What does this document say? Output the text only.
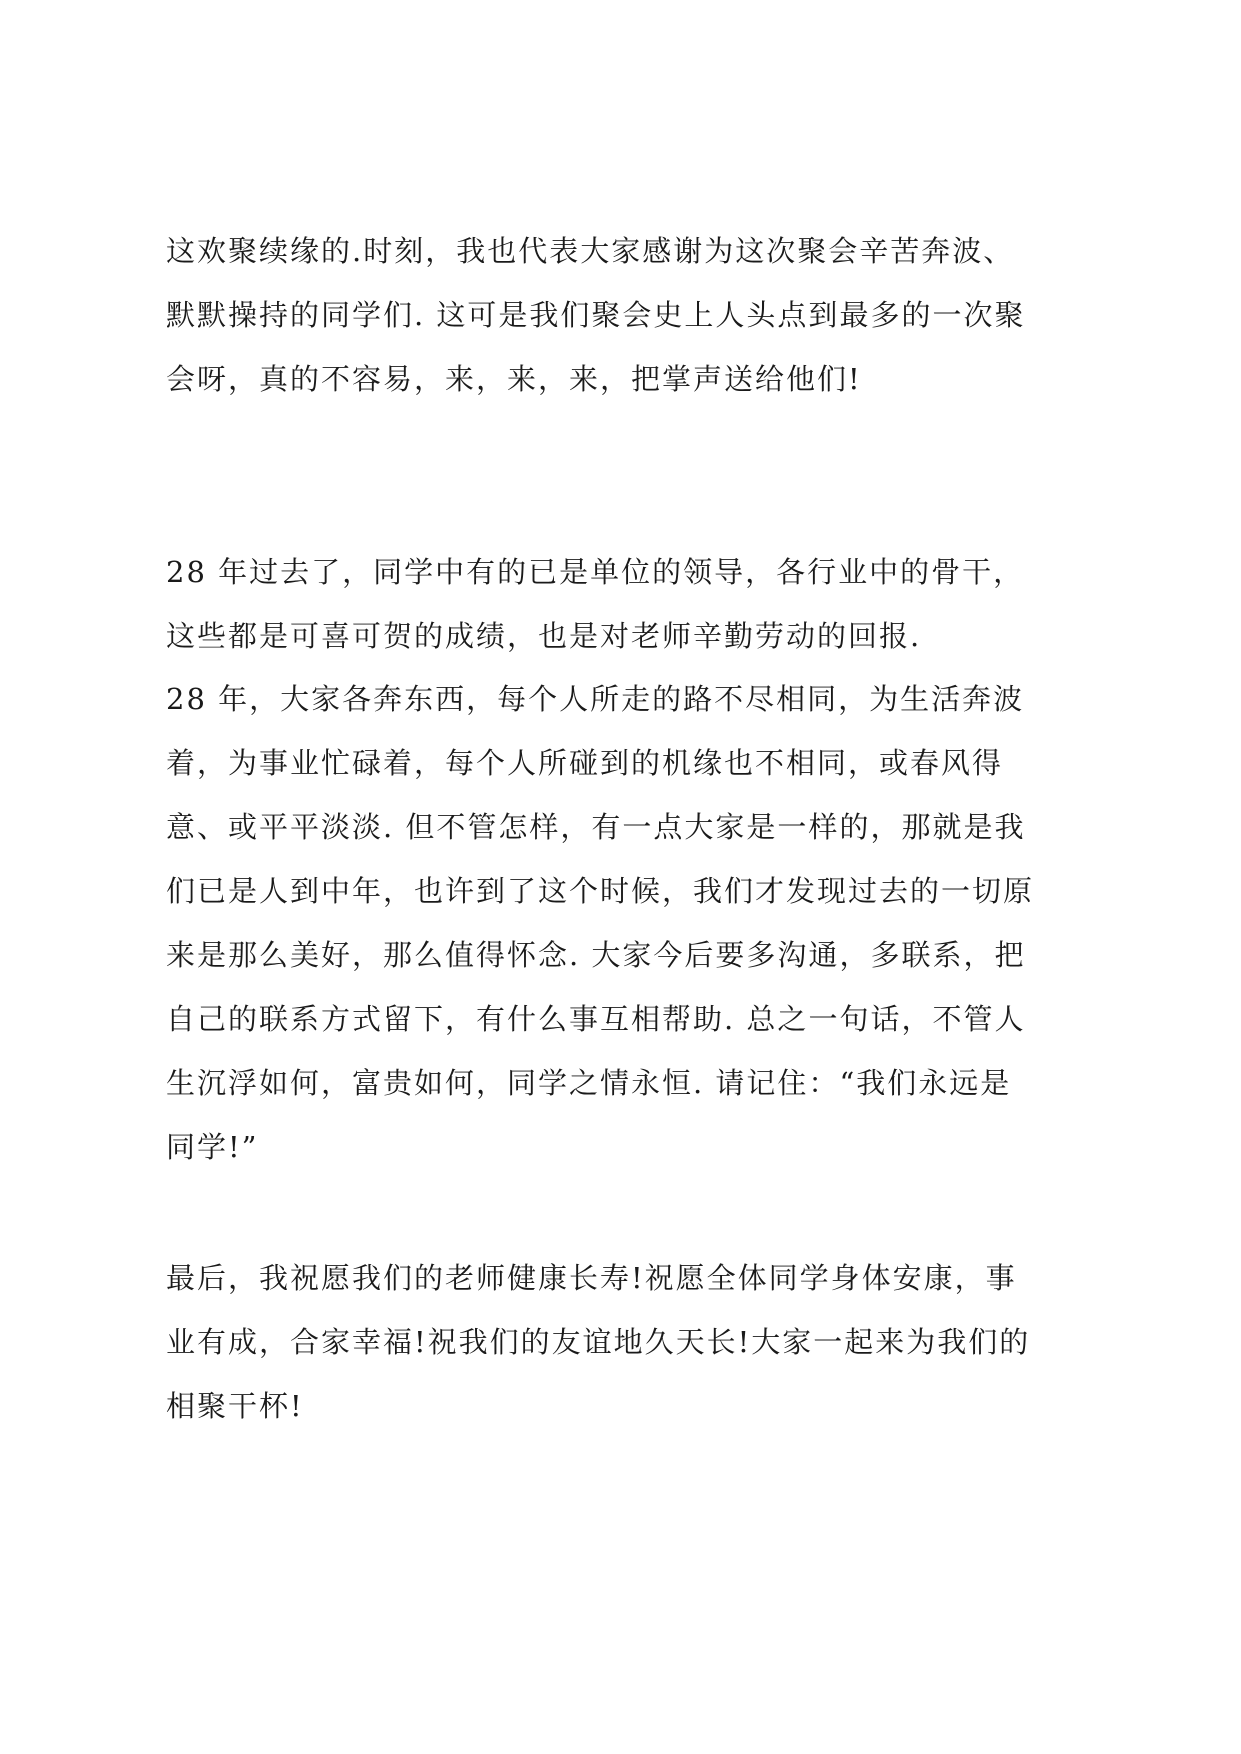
这欢聚续缘的.时刻，我也代表大家感谢为这次聚会辛苦奔波、
默默操持的同学们. 这可是我们聚会史上人头点到最多的一次聚
会呀，真的不容易，来，来，来，把掌声送给他们!
28 年过去了，同学中有的已是单位的领导，各行业中的骨干，
这些都是可喜可贺的成绩，也是对老师辛勤劳动的回报.
28 年，大家各奔东西，每个人所走的路不尽相同，为生活奔波
着，为事业忙碌着，每个人所碰到的机缘也不相同，或春风得
意、或平平淡淡. 但不管怎样，有一点大家是一样的，那就是我
们已是人到中年，也许到了这个时候，我们才发现过去的一切原
来是那么美好，那么值得怀念. 大家今后要多沟通，多联系，把
自己的联系方式留下，有什么事互相帮助. 总之一句话，不管人
生沉浮如何，富贵如何，同学之情永恒. 请记住：“我们永远是
同学!”
最后，我祝愿我们的老师健康长寿!祝愿全体同学身体安康，事
业有成，合家幸福!祝我们的友谊地久天长!大家一起来为我们的
相聚干杯!
